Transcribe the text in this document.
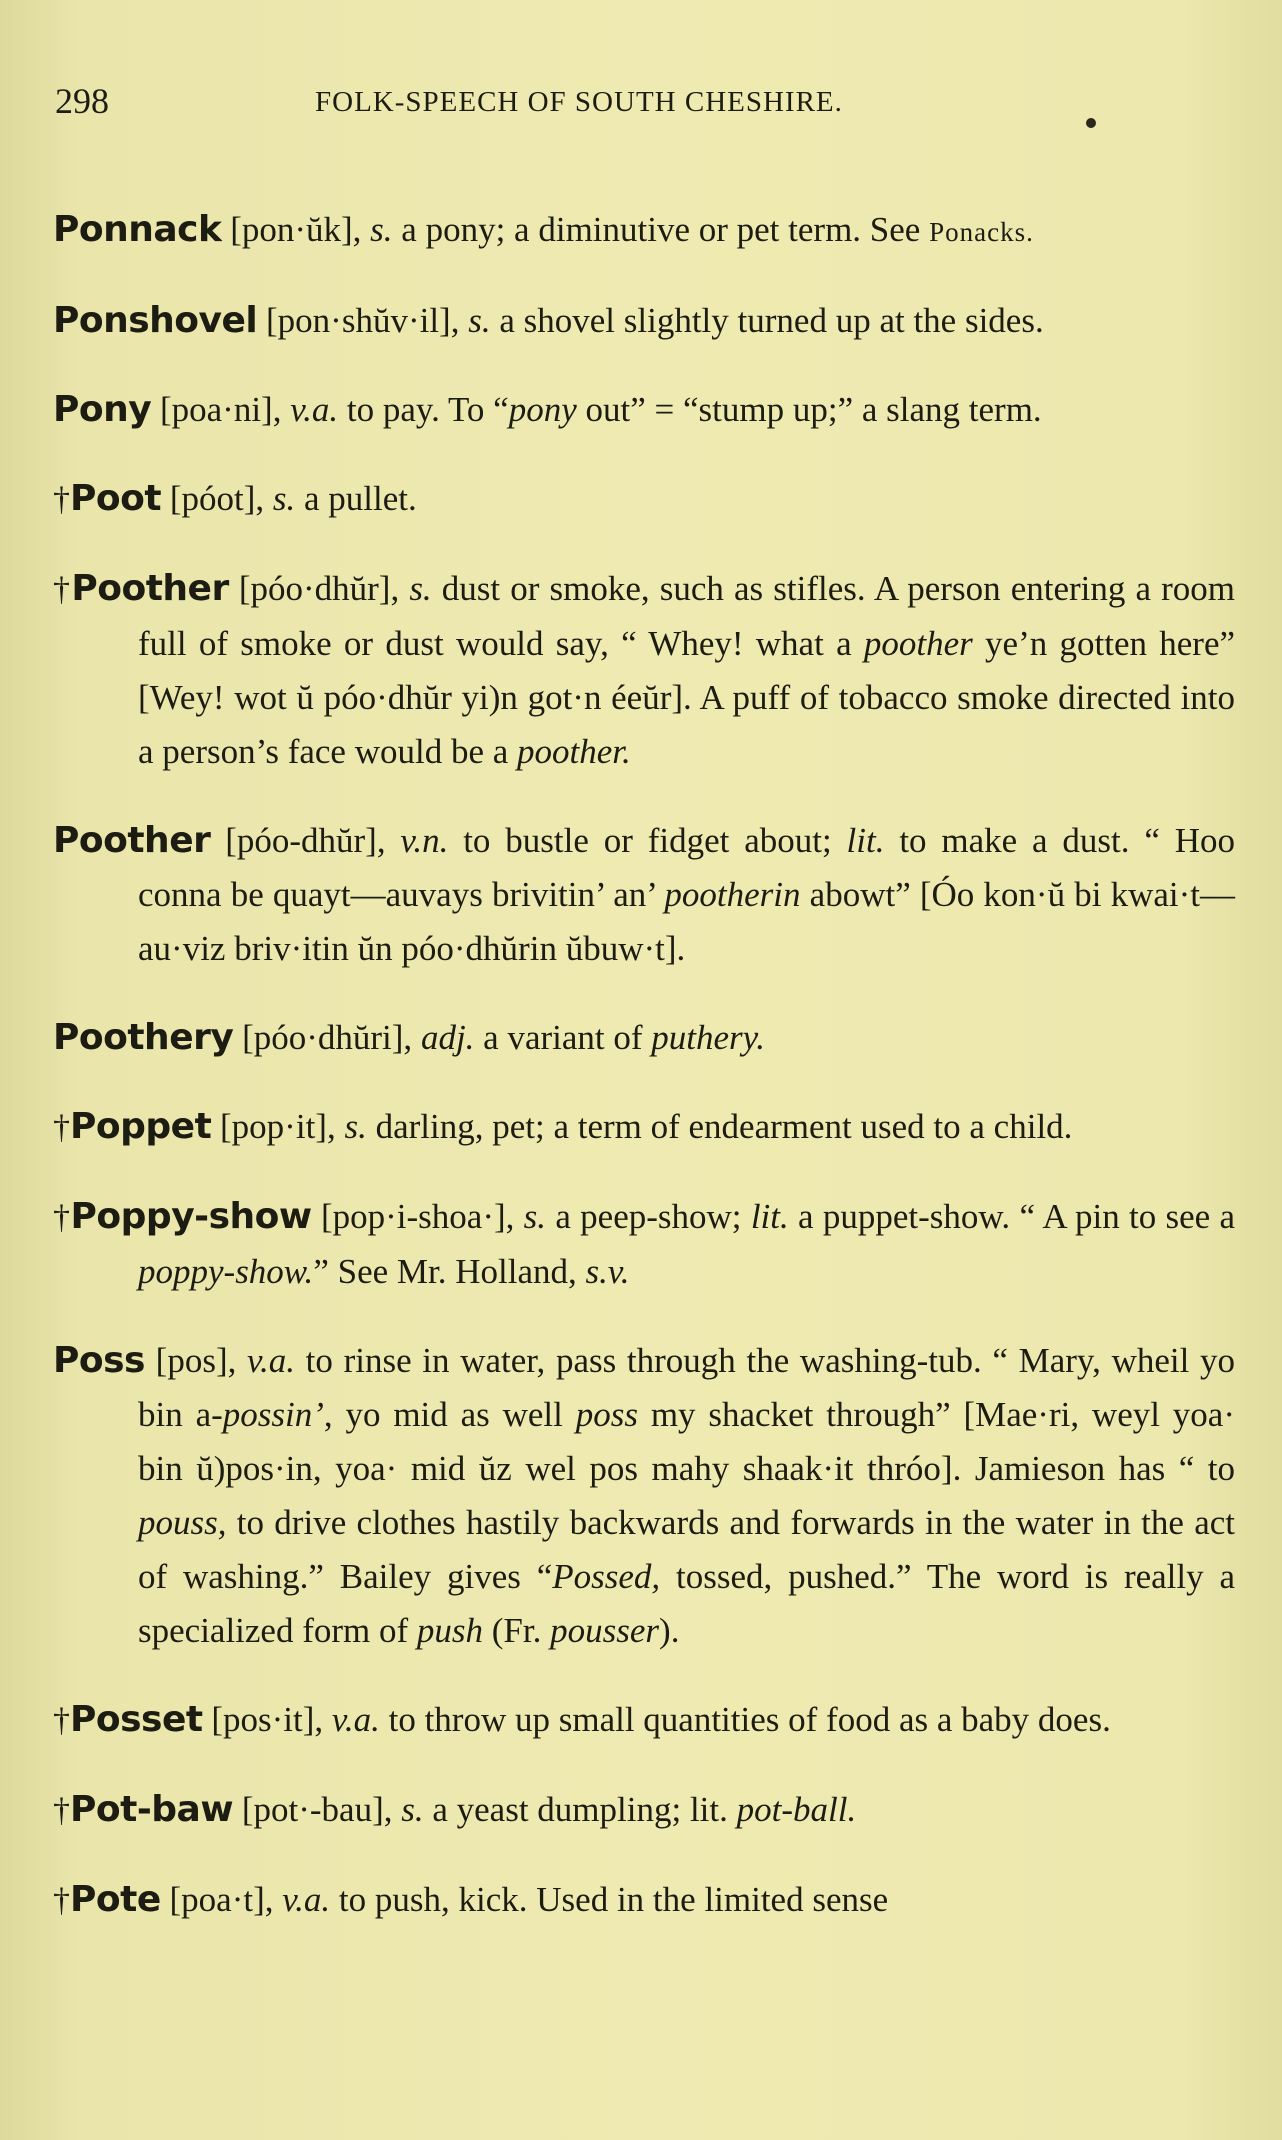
298	FOLK-SPEECH OF SOUTH CHESHIRE.

Ponnack [pon·ŭk], s. a pony; a diminutive or pet term. See Ponacks.

Ponshovel [pon·shŭv·il], s. a shovel slightly turned up at the sides.

Pony [poa·ni], v.a. to pay. To “pony out” = “stump up;” a slang term.

†Poot [póot], s. a pullet.

†Poother [póo·dhŭr], s. dust or smoke, such as stifles. A person entering a room full of smoke or dust would say, “ Whey! what a poother ye’n gotten here” [Wey! wot ŭ póo·dhŭr yi)n got·n éeŭr]. A puff of tobacco smoke directed into a person’s face would be a poother.

Poother [póo-dhŭr], v.n. to bustle or fidget about; lit. to make a dust. “ Hoo conna be quayt—auvays brivitin’ an’ pootherin abowt” [Óo kon·ŭ bi kwai·t—au·viz briv·itin ŭn póo·dhŭrin ŭbuw·t].

Poothery [póo·dhŭri], adj. a variant of puthery.

†Poppet [pop·it], s. darling, pet; a term of endearment used to a child.

†Poppy-show [pop·i-shoa·], s. a peep-show; lit. a puppet-show. “ A pin to see a poppy-show.” See Mr. Holland, s.v.

Poss [pos], v.a. to rinse in water, pass through the washing-tub. “ Mary, wheil yo bin a-possin’, yo mid as well poss my shacket through” [Mae·ri, weyl yoa· bin ŭ)pos·in, yoa· mid ŭz wel pos mahy shaak·it thróo]. Jamieson has “ to pouss, to drive clothes hastily backwards and forwards in the water in the act of washing.” Bailey gives “Possed, tossed, pushed.” The word is really a specialized form of push (Fr. pousser).

†Posset [pos·it], v.a. to throw up small quantities of food as a baby does.

†Pot-baw [pot·-bau], s. a yeast dumpling; lit. pot-ball.

†Pote [poa·t], v.a. to push, kick. Used in the limited sense
